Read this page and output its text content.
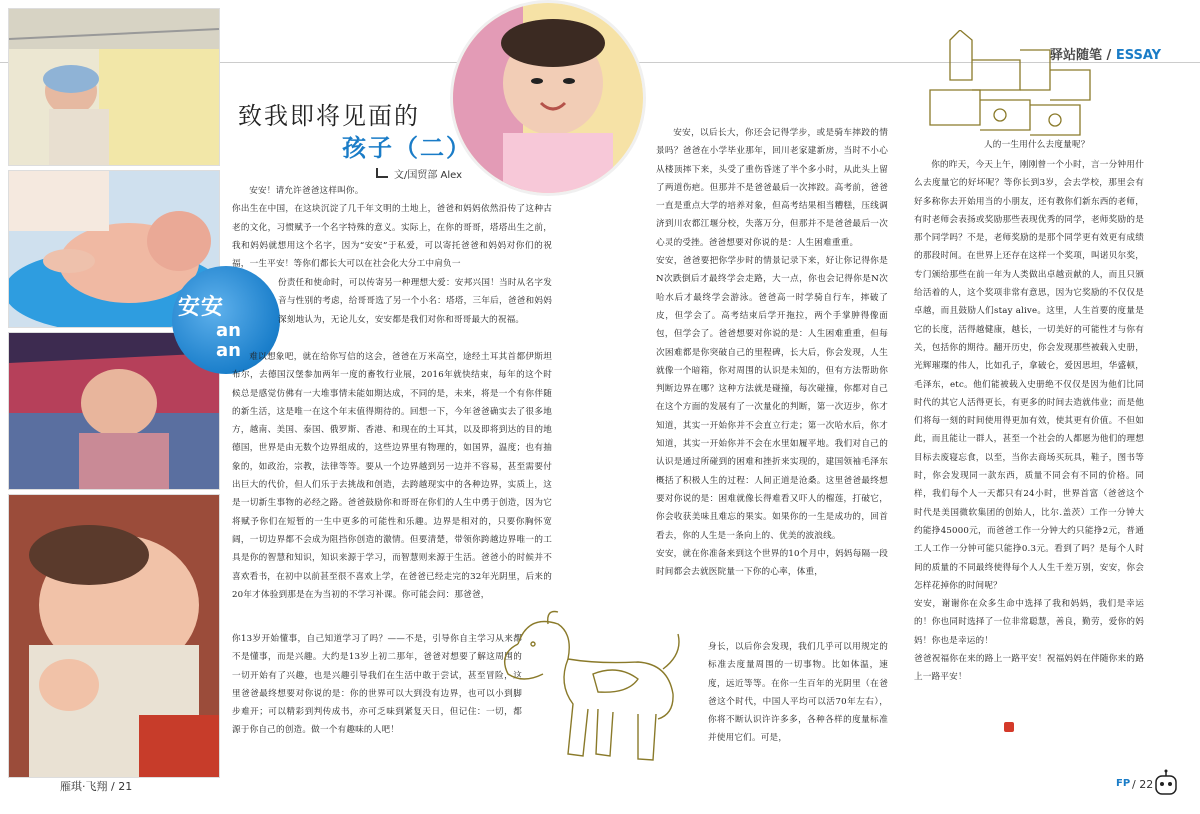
驿站随笔 / ESSAY
致我即将见面的
孩子（二）
文/国贸部 Alex
安安
an
an

安安！请允许爸爸这样叫你。
你出生在中国，在这块沉淀了几千年文明的土地上，爸爸和妈妈依然沿传了这种古老的文化，习惯赋予一个名字特殊的意义。实际上，在你的哥哥，塔塔出生之前，我和妈妈就想用这个名字，因为“安安”于私爱，可以寄托爸爸和妈妈对你们的祝福，一生平安！等你们都长大可以在社会化大分工中肩负一

份责任和使命时，可以传寄另一种理想大爱：安邦兴国！当时从名字发音与性别的考虑，给哥哥选了另一个小名：塔塔，三年后，爸爸和妈妈深刻地认为，无论儿女，安安都是我们对你和哥哥最大的祝福。

难以想象吧，就在给你写信的这会，爸爸在万米高空，途经土耳其首都伊斯坦布尔，去德国汉堡参加两年一度的畜牧行业展，2016年就快结束，每年的这个时候总是感觉仿佛有一大堆事情未能如期达成，不同的是，未来，将是一个有你伴随的新生活，这是唯一在这个年末值得期待的。回想一下，今年爸爸确实去了很多地方，越南、美国、泰国、俄罗斯、香港、和现在的土耳其，以及即将到达的目的地德国，世界是由无数个边界组成的，这些边界里有物理的，如国界，温度；也有抽象的，如政治，宗教，法律等等。要从一个边界越到另一边并不容易，甚至需要付出巨大的代价，但人们乐于去挑战和创造，去跨越现实中的各种边界，实质上，这是一切新生事物的必经之路。爸爸鼓励你和哥哥在你们的人生中勇于创造，因为它将赋予你们在短暂的一生中更多的可能性和乐趣。边界是相对的，只要你胸怀宽阔，一切边界都不会成为阻挡你创造的激情。但要清楚，带领你跨越边界唯一的工具是你的智慧和知识，知识来源于学习，而智慧则来源于生活。爸爸小的时候并不喜欢看书，在初中以前甚至很不喜欢上学，在爸爸已经走完的32年光阴里，后来的20年才体验到那是在为当初的不学习补课。你可能会问：那爸爸，

你13岁开始懂事，自己知道学习了吗？——不是，引导你自主学习从来都不是懂事，而是兴趣。大约是13岁上初二那年，爸爸对想要了解这周围的一切开始有了兴趣，也是兴趣引导我们在生活中敢于尝试，甚至冒险，这里爸爸最终想要对你说的是：你的世界可以大到没有边界，也可以小到脚步难开；可以精彩到判传成书，亦可乏味到紧复天日，但记住：一切，都源于你自己的创造。做一个有趣味的人吧！

安安，以后长大，你还会记得学步，或是骑车摔跤的情景吗？爸爸在小学毕业那年，回川老家建新房，当时不小心从楼顶摔下来，头受了重伤昏迷了半个多小时，从此头上留了两道伤疤。但那并不是爸爸最后一次摔跤。高考前，爸爸一直是重点大学的培养对象，但高考结果相当糟糕，压线调济到川农都江堰分校，失落万分，但那并不是爸爸最后一次心灵的受挫。爸爸想要对你说的是：人生困难重重。
安安，爸爸要把你学步时的情景记录下来，好让你记得你是N次跌倒后才最终学会走路，大一点，你也会记得你是N次哈水后才最终学会游泳。爸爸高一时学骑自行车，摔破了皮，但学会了。高考结束后学开拖拉，两个手掌肿得像面包，但学会了。爸爸想要对你说的是：人生困难重重，但每次困难都是你突破自己的里程碑，长大后，你会发现，人生就像一个暗箱，你对周围的认识是未知的，但有方法帮助你判断边界在哪？这种方法就是碰撞，每次碰撞，你都对自己在这个方面的发展有了一次量化的判断，第一次迈步，你才知道，其实一开始你并不会直立行走；第一次哈水后，你才知道，其实一开始你并不会在水里如履平地。我们对自己的认识是通过所碰到的困难和挫折来实现的，建国领袖毛泽东概括了积极人生的过程：人间正道是沧桑。这里爸爸最终想要对你说的是：困难就像长得难看又吓人的榴莲，打破它，你会收获美味且难忘的果实。如果你的一生是成功的，回首看去，你的人生是一条向上的、优美的波浪线。
安安，就在你准备来到这个世界的10个月中，妈妈每隔一段时间都会去就医院量一下你的心率，体重，

身长，以后你会发现，我们几乎可以用规定的标准去度量周围的一切事物。比如体温，速度，远近等等。在你一生百年的光阴里（在爸爸这个时代，中国人平均可以活70年左右），你将不断认识许许多多，各种各样的度量标准并使用它们。可是，

人的一生用什么去度量呢？

你的昨天，今天上午，刚刚曾一个小时，言一分钟用什么去度量它的好坏呢？等你长到3岁，会去学校，那里会有好多称你去开始用当的小朋友，还有教你们新东西的老师，有时老师会表扬或奖励那些表现优秀的同学，老师奖励的是那个同学吗？不是，老师奖励的是那个同学更有效更有成绩的那段时间。在世界上还存在这样一个奖项，叫诺贝尔奖，专门颁给那些在前一年为人类做出卓越贡献的人，而且只颁给活着的人，这个奖项非常有意思，因为它奖励的不仅仅是卓越，而且鼓励人们stay alive。这里，人生首要的度量是它的长度，活得越健康，越长，一切美好的可能性才与你有关，包括你的期待。翻开历史，你会发现那些被载入史册，光辉璀璨的伟人，比如孔子，拿破仑，爱因思坦，华盛顿，毛泽东，etc。他们能被载入史册绝不仅仅是因为他们比同时代的其它人活得更长，有更多的时间去造就伟业；而是他们将每一刻的时间使用得更加有效，使其更有价值。不但如此，而且能让一群人，甚至一个社会的人都愿为他们的理想目标去废寝忘食，以至，当你去商场买玩具，鞋子，图书等时，你会发现同一款东西，质量不同会有不同的价格。同样，我们每个人一天都只有24小时，世界首富（爸爸这个时代是美国微软集团的创始人，比尔.盖茨）工作一分钟大约能挣45000元，而爸爸工作一分钟大约只能挣2元，普通工人工作一分钟可能只能挣0.3元。看到了吗？是每个人时间的质量的不同最终使得每个人人生千差万别，安安，你会怎样花掉你的时间呢？
安安，谢谢你在众多生命中选择了我和妈妈，我们是幸运的！你也同时选择了一位非常聪慧，善良，勤劳，爱你的妈妈！你也是幸运的！
爸爸祝福你在来的路上一路平安！祝福妈妈在伴随你来的路上一路平安！

雁琪·飞翔 / 21	FP / 22
